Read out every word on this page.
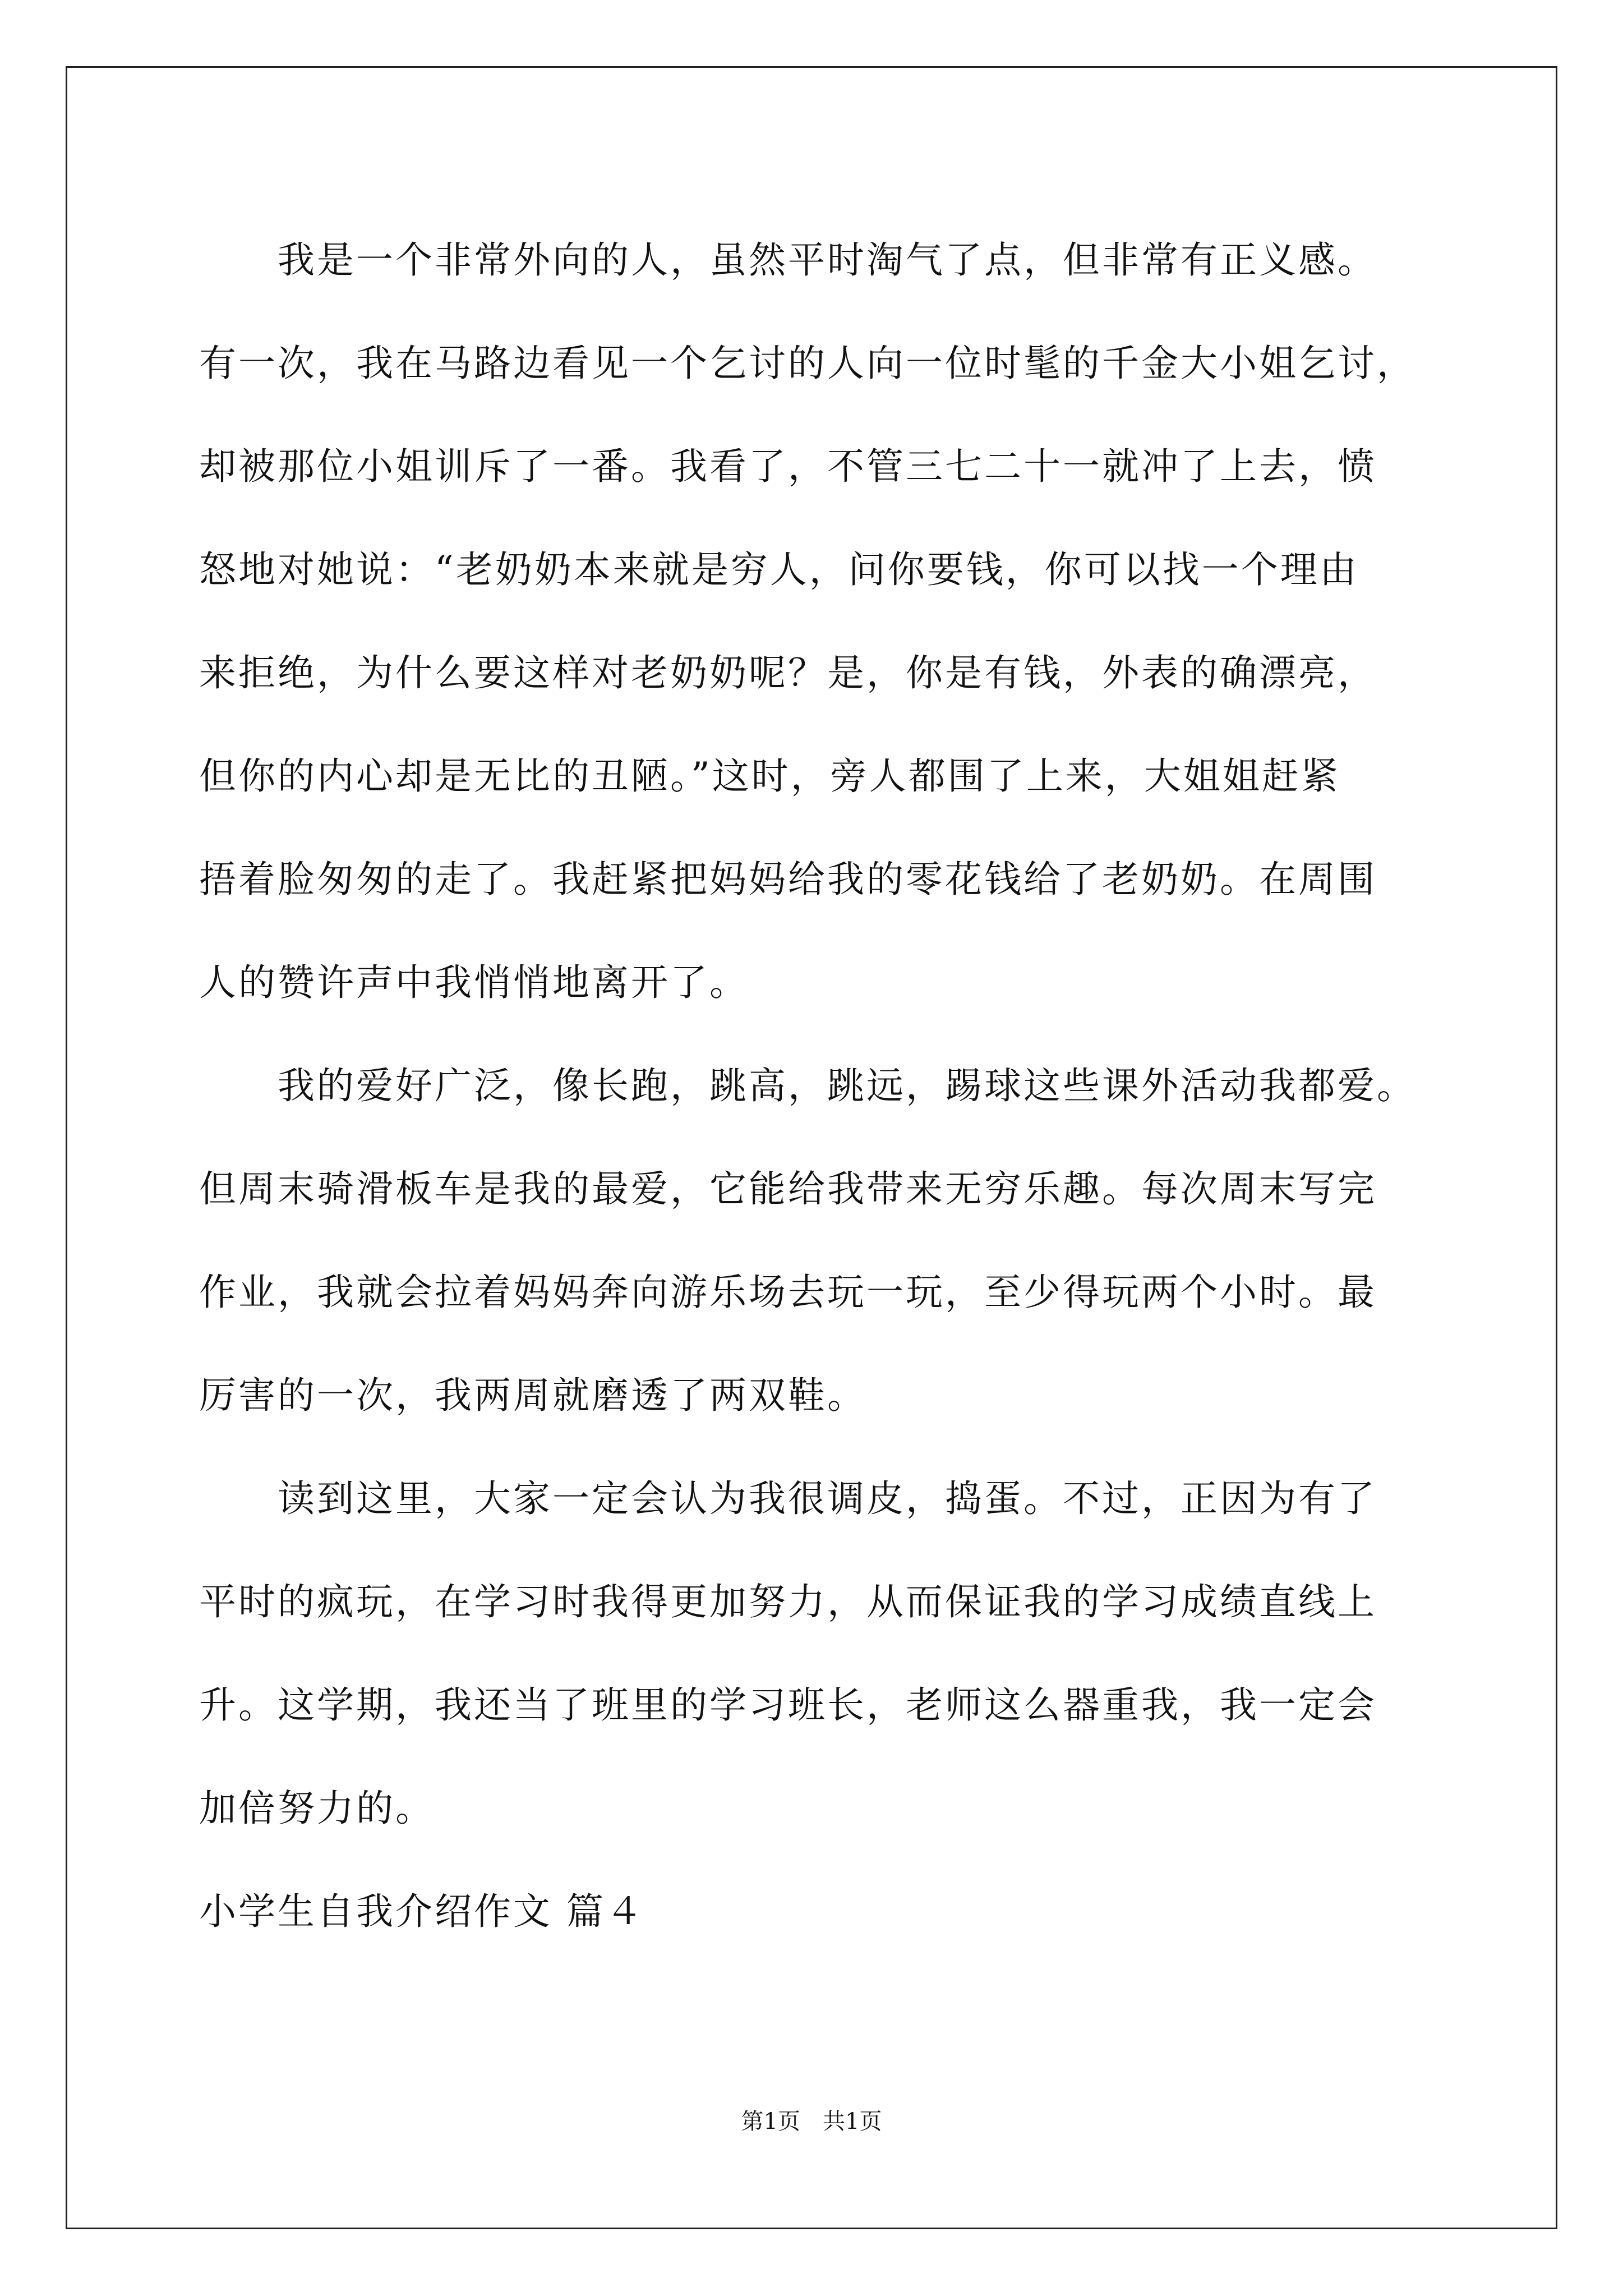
我是一个非常外向的人，虽然平时淘气了点，但非常有正义感。
有一次，我在马路边看见一个乞讨的人向一位时髦的千金大小姐乞讨，
却被那位小姐训斥了一番。我看了，不管三七二十一就冲了上去，愤
怒地对她说：“老奶奶本来就是穷人，问你要钱，你可以找一个理由
来拒绝，为什么要这样对老奶奶呢？是，你是有钱，外表的确漂亮，
但你的内心却是无比的丑陋。”这时，旁人都围了上来，大姐姐赶紧
捂着脸匆匆的走了。我赶紧把妈妈给我的零花钱给了老奶奶。在周围
人的赞许声中我悄悄地离开了。
我的爱好广泛，像长跑，跳高，跳远，踢球这些课外活动我都爱。
但周末骑滑板车是我的最爱，它能给我带来无穷乐趣。每次周末写完
作业，我就会拉着妈妈奔向游乐场去玩一玩，至少得玩两个小时。最
厉害的一次，我两周就磨透了两双鞋。
读到这里，大家一定会认为我很调皮，捣蛋。不过，正因为有了
平时的疯玩，在学习时我得更加努力，从而保证我的学习成绩直线上
升。这学期，我还当了班里的学习班长，老师这么器重我，我一定会
加倍努力的。
小学生自我介绍作文 篇４
第1页　共1页
